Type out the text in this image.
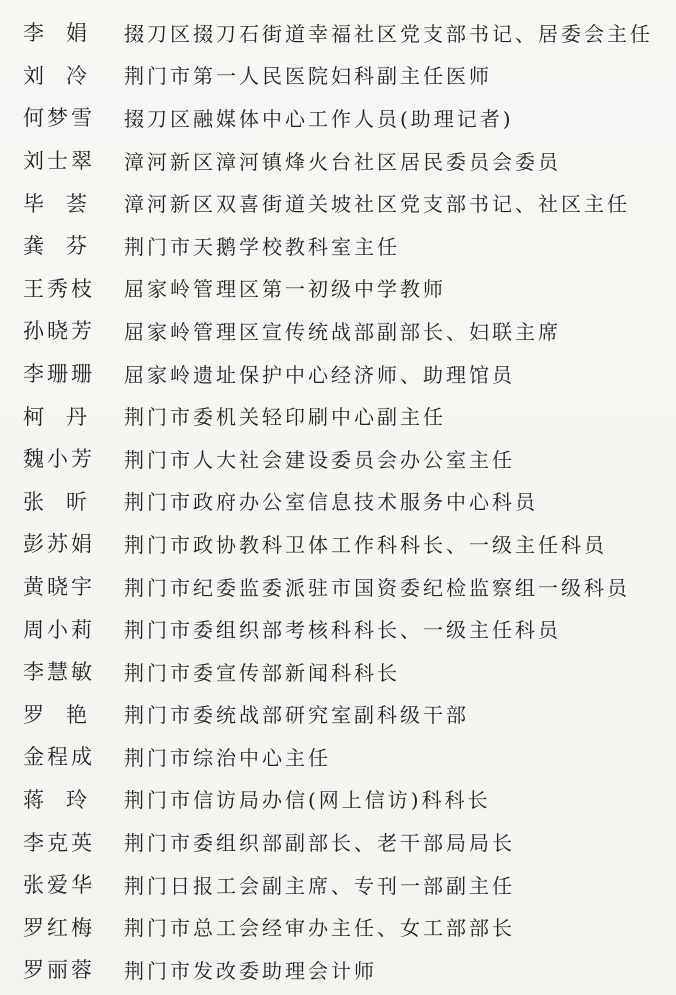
李娟 掇刀区掇刀石街道幸福社区党支部书记、居委会主任
刘冷 荆门市第一人民医院妇科副主任医师
何梦雪	掇刀区融媒体中心工作人员(助理记者)
刘士翠	漳河新区漳河镇烽火台社区居民委员会委员
毕荟 漳河新区双喜街道关坡社区党支部书记、社区主任
龚芬 荆门市天鹅学校教科室主任
王秀枝	屈家岭管理区第一初级中学教师
孙晓芳	屈家岭管理区宣传统战部副部长、妇联主席
李珊珊	屈家岭遗址保护中心经济师、助理馆员
柯丹 荆门市委机关轻印刷中心副主任
魏小芳	荆门市人大社会建设委员会办公室主任
张昕 荆门市政府办公室信息技术服务中心科员
彭苏娟	荆门市政协教科卫体工作科科长、一级主任科员
黄晓宇	荆门市纪委监委派驻市国资委纪检监察组一级科员
周小莉	荆门市委组织部考核科科长、一级主任科员
李慧敏	荆门市委宣传部新闻科科长
罗艳 荆门市委统战部研究室副科级干部
金程成	荆门市综治中心主任
蒋玲 荆门市信访局办信(网上信访)科科长
李克英	荆门市委组织部副部长、老干部局局长
张爱华	荆门日报工会副主席、专刊一部副主任
罗红梅	荆门市总工会经审办主任、女工部部长
罗丽蓉	荆门市发改委助理会计师
